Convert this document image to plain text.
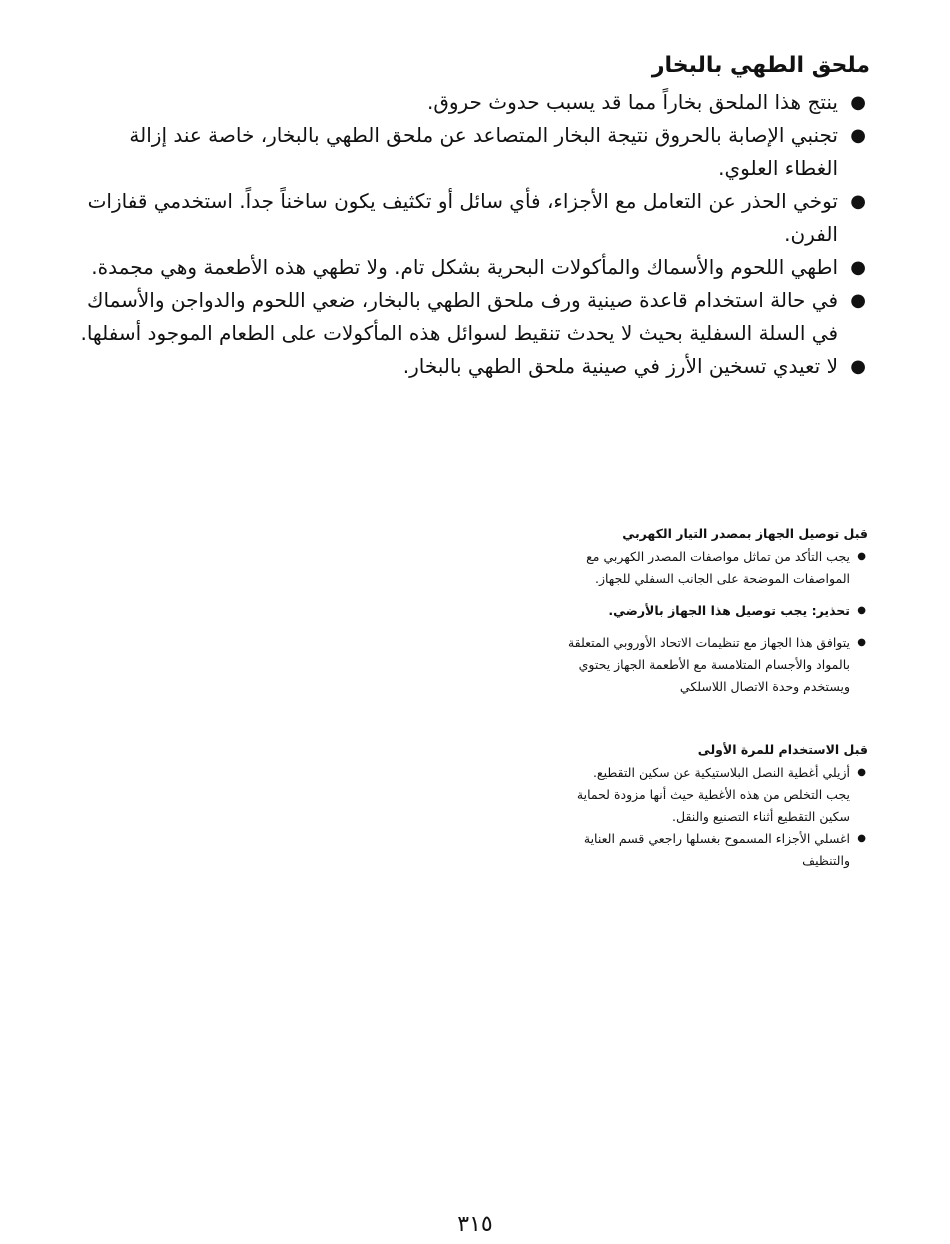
ملحق الطهي بالبخار
●
ينتج هذا الملحق بخاراً مما قد يسبب حدوث حروق.
●
تجنبي الإصابة بالحروق نتيجة البخار المتصاعد عن ملحق الطهي بالبخار، خاصة عند إزالة الغطاء العلوي.
●
توخي الحذر عن التعامل مع الأجزاء، فأي سائل أو تكثيف يكون ساخناً جداً. استخدمي قفازات الفرن.
●
اطهي اللحوم والأسماك والمأكولات البحرية بشكل تام. ولا تطهي هذه الأطعمة وهي مجمدة.
●
في حالة استخدام قاعدة صينية ورف ملحق الطهي بالبخار، ضعي اللحوم والدواجن والأسماك في السلة السفلية بحيث لا يحدث تنقيط لسوائل هذه المأكولات على الطعام الموجود أسفلها.
●
لا تعيدي تسخين الأرز في صينية ملحق الطهي بالبخار.
قبل توصيل الجهاز بمصدر التيار الكهربي
●
يجب التأكد من تماثل مواصفات المصدر الكهربي مع المواصفات الموضحة على الجانب السفلي للجهاز.
●
تحذير: يجب توصيل هذا الجهاز بالأرضي.
●
يتوافق هذا الجهاز مع تنظيمات الاتحاد الأوروبي المتعلقة بالمواد والأجسام المتلامسة مع الأطعمة الجهاز يحتوي ويستخدم وحدة الاتصال اللاسلكي
قبل الاستخدام للمرة الأولى
●
أزيلي أغطية النصل البلاستيكية عن سكين التقطيع. يجب التخلص من هذه الأغطية حيث أنها مزودة لحماية سكين التقطيع أثناء التصنيع والنقل.
●
اغسلي الأجزاء المسموح بغسلها راجعي قسم العناية والتنظيف
٣١٥
